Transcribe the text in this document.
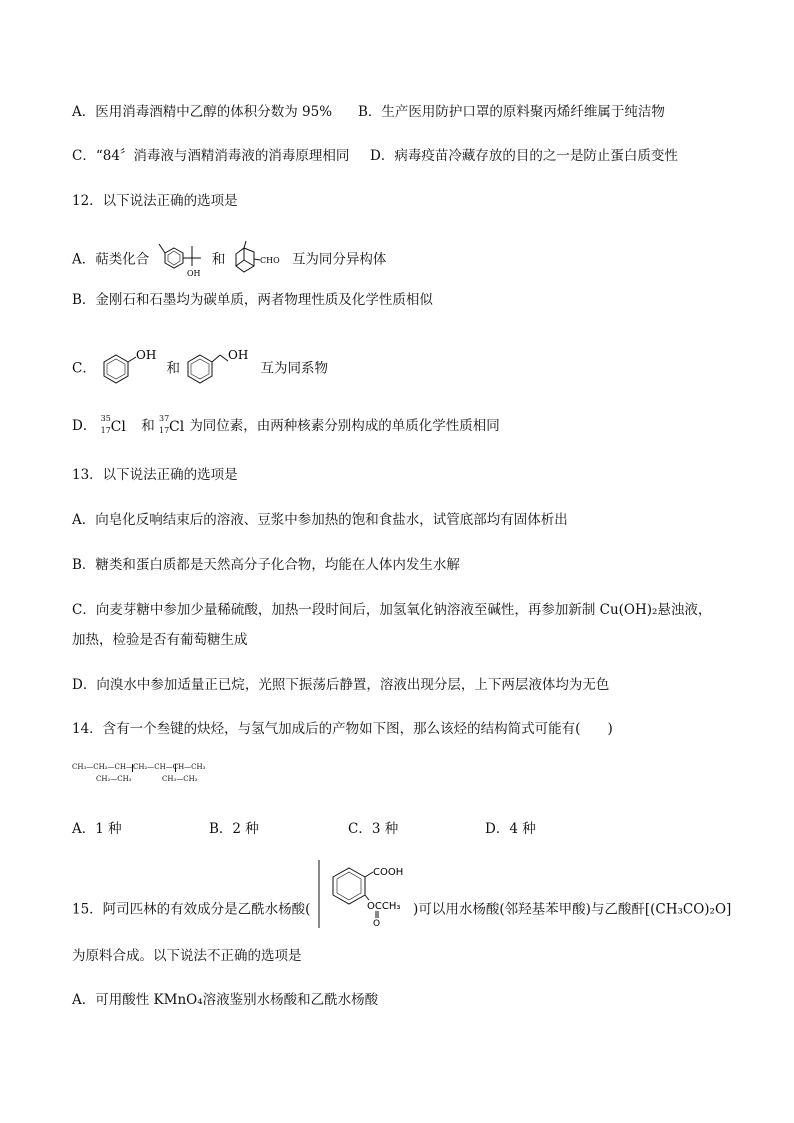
A．医用消毒酒精中乙醇的体积分数为 95% B．生产医用防护口罩的原料聚丙烯纤维属于纯洁物
C．“84〞消毒液与酒精消毒液的消毒原理相同 D．病毒疫苗冷藏存放的目的之一是防止蛋白质变性
12．以下说法正确的选项是
A．萜类化合
OH
和	CHO 互为同分异构体
B．金刚石和石墨均为碳单质，两者物理性质及化学性质相似
C．
OH
和
OH
互为同系物
D． 35
17 Cl 和 37
17 Cl 为同位素，由两种核素分别构成的单质化学性质相同
13．以下说法正确的选项是
A．向皂化反响结束后的溶液、豆浆中参加热的饱和食盐水，试管底部均有固体析出
B．糖类和蛋白质都是天然高分子化合物，均能在人体内发生水解
C．向麦芽糖中参加少量稀硫酸，加热一段时间后，加氢氧化钠溶液至碱性，再参加新制 Cu(OH)₂悬浊液，
加热，检验是否有葡萄糖生成
D．向溴水中参加适量正已烷，光照下振荡后静置，溶液出现分层，上下两层液体均为无色
14．含有一个叁键的炔烃，与氢气加成后的产物如下图，那么该烃的结构简式可能有(　　)
CH₃—CH₂—CH—CH₂—CH—CH—CH₃
CH₂—CH₃	CH₃—CH₃
A．1 种	B．2 种	C．3 种	D．4 种
15．阿司匹林的有效成分是乙酰水杨酸(
COOH
OCCH₃
O
)可以用水杨酸(邻羟基苯甲酸)与乙酸酐[(CH₃CO)₂O]
为原料合成。以下说法不正确的选项是
A．可用酸性 KMnO₄溶液鉴别水杨酸和乙酰水杨酸
